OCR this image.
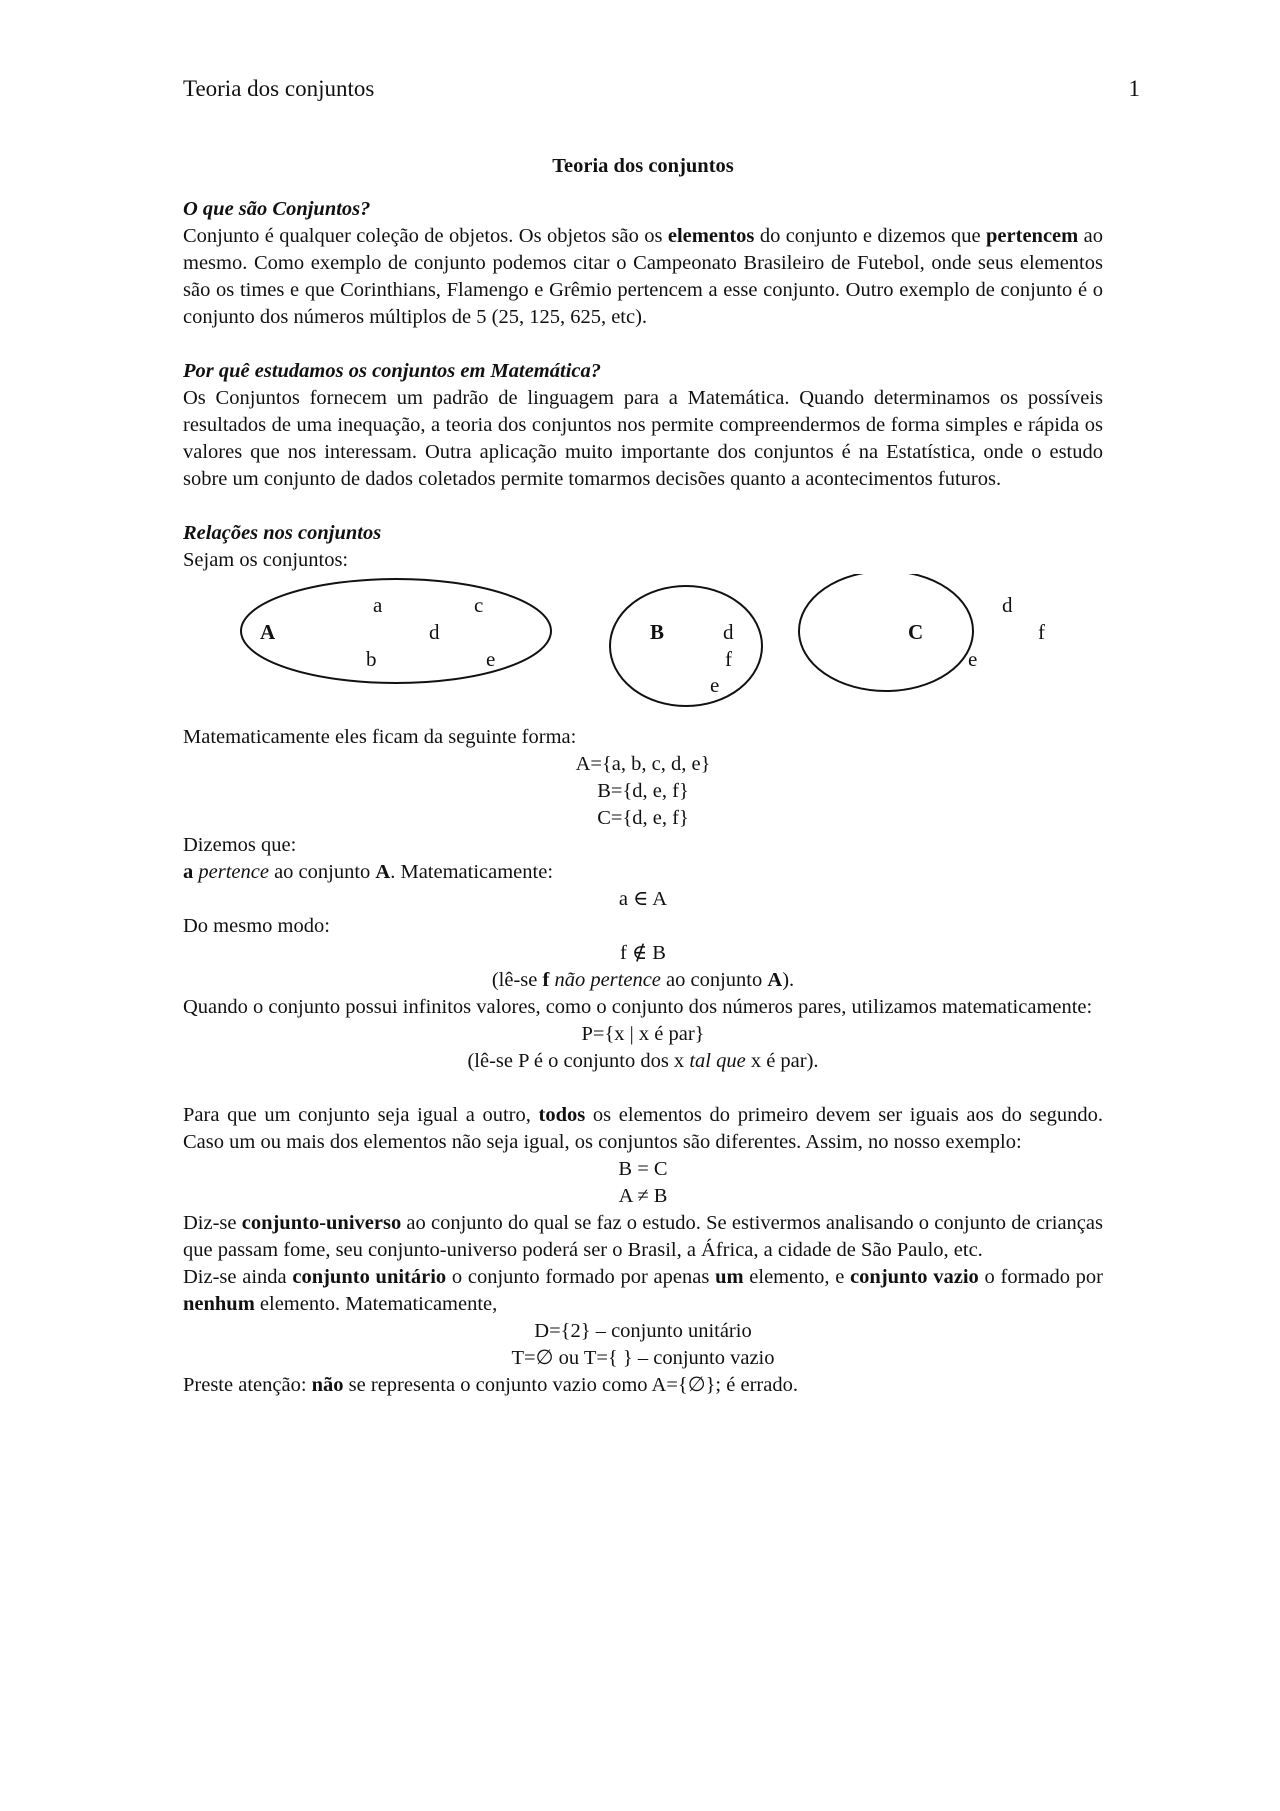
Teoria dos conjuntos	1

Teoria dos conjuntos

O que são Conjuntos?

Conjunto é qualquer coleção de objetos. Os objetos são os elementos do conjunto e dizemos que pertencem ao mesmo. Como exemplo de conjunto podemos citar o Campeonato Brasileiro de Futebol, onde seus elementos são os times e que Corinthians, Flamengo e Grêmio pertencem a esse conjunto. Outro exemplo de conjunto é o conjunto dos números múltiplos de 5 (25, 125, 625, etc).

Por quê estudamos os conjuntos em Matemática?

Os Conjuntos fornecem um padrão de linguagem para a Matemática. Quando determinamos os possíveis resultados de uma inequação, a teoria dos conjuntos nos permite compreendermos de forma simples e rápida os valores que nos interessam. Outra aplicação muito importante dos conjuntos é na Estatística, onde o estudo sobre um conjunto de dados coletados permite tomarmos decisões quanto a acontecimentos futuros.

Relações nos conjuntos
Sejam os conjuntos:
A
a	c
d
b	e
B	d
f
e
C
d
f
e
Matematicamente eles ficam da seguinte forma:
A={a, b, c, d, e}
B={d, e, f}
C={d, e, f}
Dizemos que:
a pertence ao conjunto A. Matematicamente:
a ∈ A
Do mesmo modo:
f ∉ B
(lê-se f não pertence ao conjunto A).

Quando o conjunto possui infinitos valores, como o conjunto dos números pares, utilizamos matematicamente:

P={x | x é par}
(lê-se P é o conjunto dos x tal que x é par).

Para que um conjunto seja igual a outro, todos os elementos do primeiro devem ser iguais aos do segundo. Caso um ou mais dos elementos não seja igual, os conjuntos são diferentes. Assim, no nosso exemplo:

B = C
A ≠ B

Diz-se conjunto-universo ao conjunto do qual se faz o estudo. Se estivermos analisando o conjunto de crianças que passam fome, seu conjunto-universo poderá ser o Brasil, a África, a cidade de São Paulo, etc.

Diz-se ainda conjunto unitário o conjunto formado por apenas um elemento, e conjunto vazio o formado por nenhum elemento. Matematicamente,

D={2} – conjunto unitário
T=∅ ou T={ } – conjunto vazio
Preste atenção: não se representa o conjunto vazio como A={∅}; é errado.
